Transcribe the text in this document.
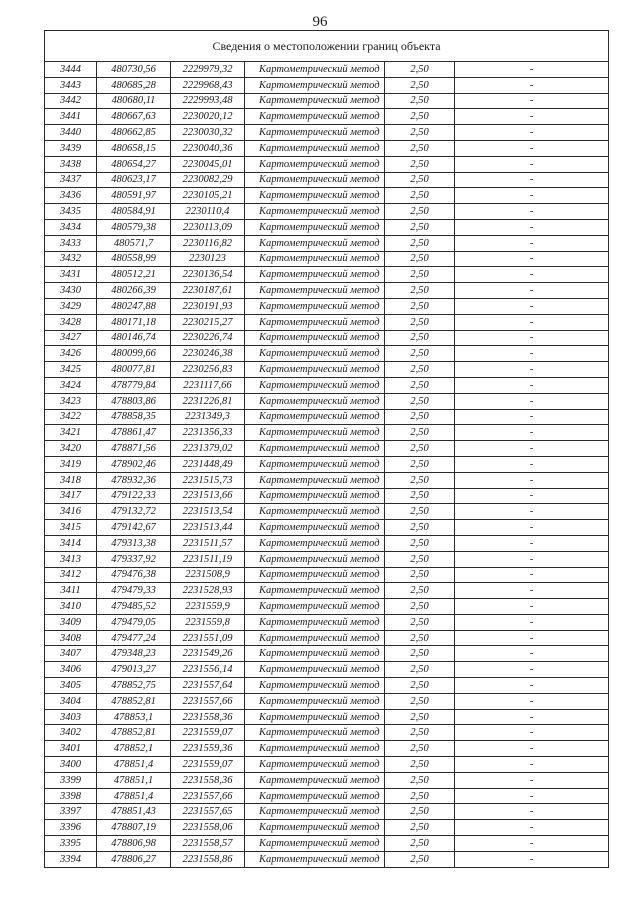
96
Сведения о местоположении границ объекта					
3444	480730,56	2229979,32	Картометрический метод	2,50	-
3443	480685,28	2229968,43	Картометрический метод	2,50	-
3442	480680,11	2229993,48	Картометрический метод	2,50	-
3441	480667,63	2230020,12	Картометрический метод	2,50	-
3440	480662,85	2230030,32	Картометрический метод	2,50	-
3439	480658,15	2230040,36	Картометрический метод	2,50	-
3438	480654,27	2230045,01	Картометрический метод	2,50	-
3437	480623,17	2230082,29	Картометрический метод	2,50	-
3436	480591,97	2230105,21	Картометрический метод	2,50	-
3435	480584,91	2230110,4	Картометрический метод	2,50	-
3434	480579,38	2230113,09	Картометрический метод	2,50	-
3433	480571,7	2230116,82	Картометрический метод	2,50	-
3432	480558,99	2230123	Картометрический метод	2,50	-
3431	480512,21	2230136,54	Картометрический метод	2,50	-
3430	480266,39	2230187,61	Картометрический метод	2,50	-
3429	480247,88	2230191,93	Картометрический метод	2,50	-
3428	480171,18	2230215,27	Картометрический метод	2,50	-
3427	480146,74	2230226,74	Картометрический метод	2,50	-
3426	480099,66	2230246,38	Картометрический метод	2,50	-
3425	480077,81	2230256,83	Картометрический метод	2,50	-
3424	478779,84	2231117,66	Картометрический метод	2,50	-
3423	478803,86	2231226,81	Картометрический метод	2,50	-
3422	478858,35	2231349,3	Картометрический метод	2,50	-
3421	478861,47	2231356,33	Картометрический метод	2,50	-
3420	478871,56	2231379,02	Картометрический метод	2,50	-
3419	478902,46	2231448,49	Картометрический метод	2,50	-
3418	478932,36	2231515,73	Картометрический метод	2,50	-
3417	479122,33	2231513,66	Картометрический метод	2,50	-
3416	479132,72	2231513,54	Картометрический метод	2,50	-
3415	479142,67	2231513,44	Картометрический метод	2,50	-
3414	479313,38	2231511,57	Картометрический метод	2,50	-
3413	479337,92	2231511,19	Картометрический метод	2,50	-
3412	479476,38	2231508,9	Картометрический метод	2,50	-
3411	479479,33	2231528,93	Картометрический метод	2,50	-
3410	479485,52	2231559,9	Картометрический метод	2,50	-
3409	479479,05	2231559,8	Картометрический метод	2,50	-
3408	479477,24	2231551,09	Картометрический метод	2,50	-
3407	479348,23	2231549,26	Картометрический метод	2,50	-
3406	479013,27	2231556,14	Картометрический метод	2,50	-
3405	478852,75	2231557,64	Картометрический метод	2,50	-
3404	478852,81	2231557,66	Картометрический метод	2,50	-
3403	478853,1	2231558,36	Картометрический метод	2,50	-
3402	478852,81	2231559,07	Картометрический метод	2,50	-
3401	478852,1	2231559,36	Картометрический метод	2,50	-
3400	478851,4	2231559,07	Картометрический метод	2,50	-
3399	478851,1	2231558,36	Картометрический метод	2,50	-
3398	478851,4	2231557,66	Картометрический метод	2,50	-
3397	478851,43	2231557,65	Картометрический метод	2,50	-
3396	478807,19	2231558,06	Картометрический метод	2,50	-
3395	478806,98	2231558,57	Картометрический метод	2,50	-
3394	478806,27	2231558,86	Картометрический метод	2,50	-
